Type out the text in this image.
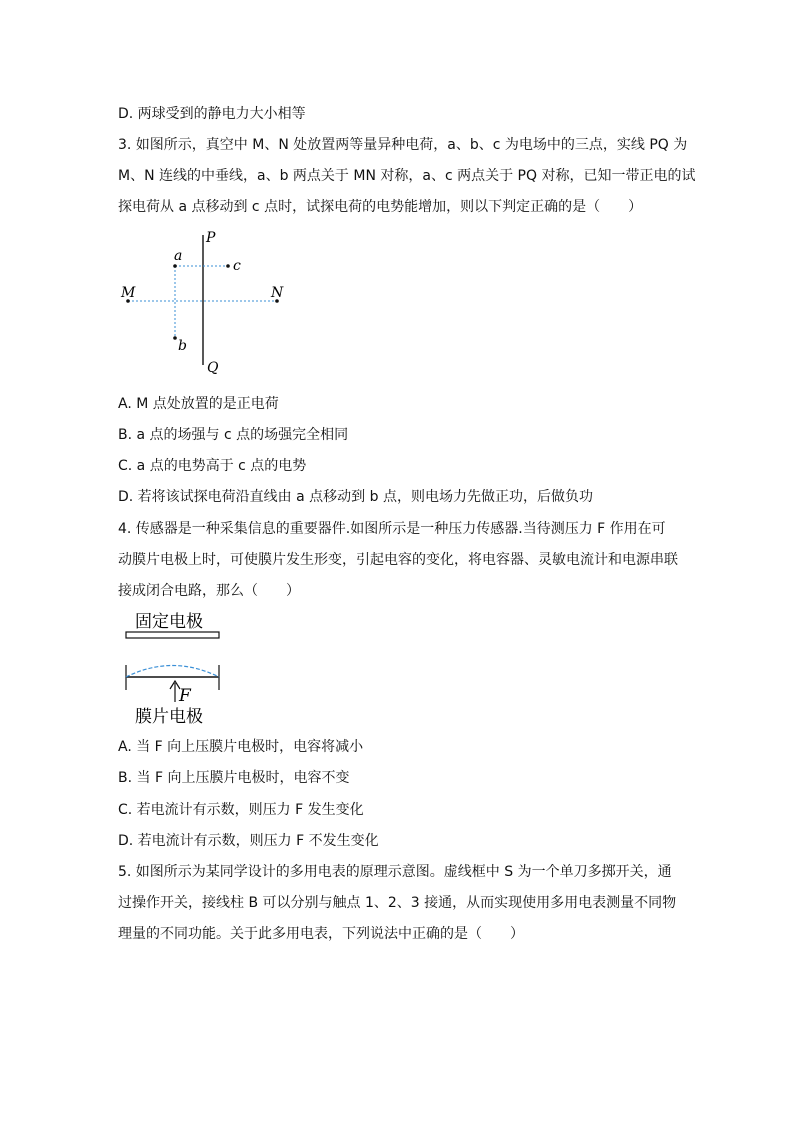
D. 两球受到的静电力大小相等
3. 如图所示，真空中 M、N 处放置两等量异种电荷，a、b、c 为电场中的三点，实线 PQ 为
M、N 连线的中垂线，a、b 两点关于 MN 对称，a、c 两点关于 PQ 对称，已知一带正电的试
探电荷从 a 点移动到 c 点时，试探电荷的电势能增加，则以下判定正确的是（　　）
P
Q
M	N
a
c
b
A. M 点处放置的是正电荷
B. a 点的场强与 c 点的场强完全相同
C. a 点的电势高于 c 点的电势
D. 若将该试探电荷沿直线由 a 点移动到 b 点，则电场力先做正功，后做负功
4. 传感器是一种采集信息的重要器件.如图所示是一种压力传感器.当待测压力 F 作用在可
动膜片电极上时，可使膜片发生形变，引起电容的变化，将电容器、灵敏电流计和电源串联
接成闭合电路，那么（　　）
固定电极
F
膜片电极
A. 当 F 向上压膜片电极时，电容将减小
B. 当 F 向上压膜片电极时，电容不变
C. 若电流计有示数，则压力 F 发生变化
D. 若电流计有示数，则压力 F 不发生变化
5. 如图所示为某同学设计的多用电表的原理示意图。虚线框中 S 为一个单刀多掷开关，通
过操作开关，接线柱 B 可以分别与触点 1、2、3 接通，从而实现使用多用电表测量不同物
理量的不同功能。关于此多用电表，下列说法中正确的是（　　）
